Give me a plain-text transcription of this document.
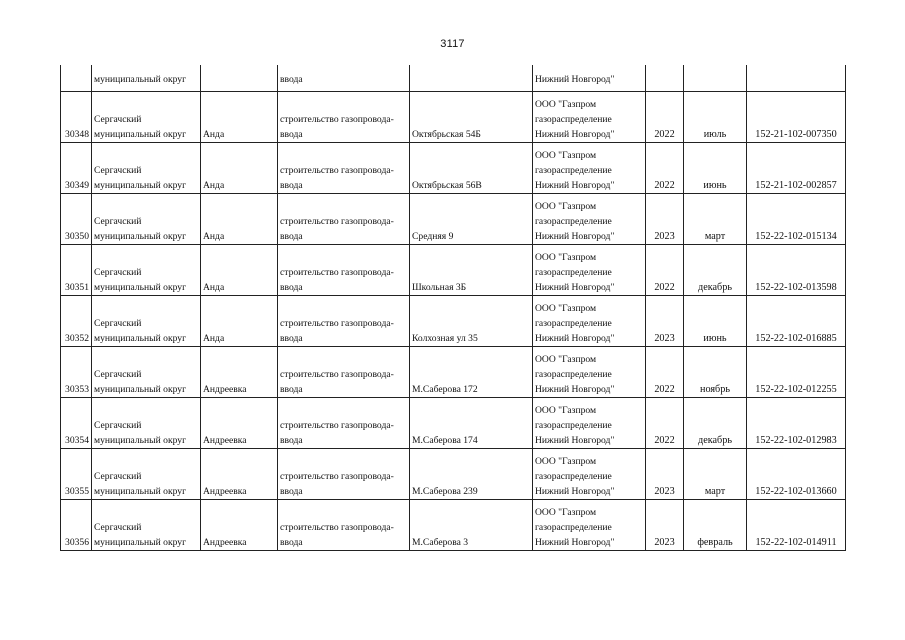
3117
	муниципальный округ		ввода		Нижний Новгород"			
30348	Сергачский
муниципальный округ	Анда	строительство газопровода-
ввода	Октябрьская 54Б	ООО "Газпром
газораспределение
Нижний Новгород"	2022	июль	152-21-102-007350
30349	Сергачский
муниципальный округ	Анда	строительство газопровода-
ввода	Октябрьская 56В	ООО "Газпром
газораспределение
Нижний Новгород"	2022	июнь	152-21-102-002857
30350	Сергачский
муниципальный округ	Анда	строительство газопровода-
ввода	Средняя 9	ООО "Газпром
газораспределение
Нижний Новгород"	2023	март	152-22-102-015134
30351	Сергачский
муниципальный округ	Анда	строительство газопровода-
ввода	Школьная 3Б	ООО "Газпром
газораспределение
Нижний Новгород"	2022	декабрь	152-22-102-013598
30352	Сергачский
муниципальный округ	Анда	строительство газопровода-
ввода	Колхозная ул 35	ООО "Газпром
газораспределение
Нижний Новгород"	2023	июнь	152-22-102-016885
30353	Сергачский
муниципальный округ	Андреевка	строительство газопровода-
ввода	М.Саберова 172	ООО "Газпром
газораспределение
Нижний Новгород"	2022	ноябрь	152-22-102-012255
30354	Сергачский
муниципальный округ	Андреевка	строительство газопровода-
ввода	М.Саберова 174	ООО "Газпром
газораспределение
Нижний Новгород"	2022	декабрь	152-22-102-012983
30355	Сергачский
муниципальный округ	Андреевка	строительство газопровода-
ввода	М.Саберова 239	ООО "Газпром
газораспределение
Нижний Новгород"	2023	март	152-22-102-013660
30356	Сергачский
муниципальный округ	Андреевка	строительство газопровода-
ввода	М.Саберова 3	ООО "Газпром
газораспределение
Нижний Новгород"	2023	февраль	152-22-102-014911
